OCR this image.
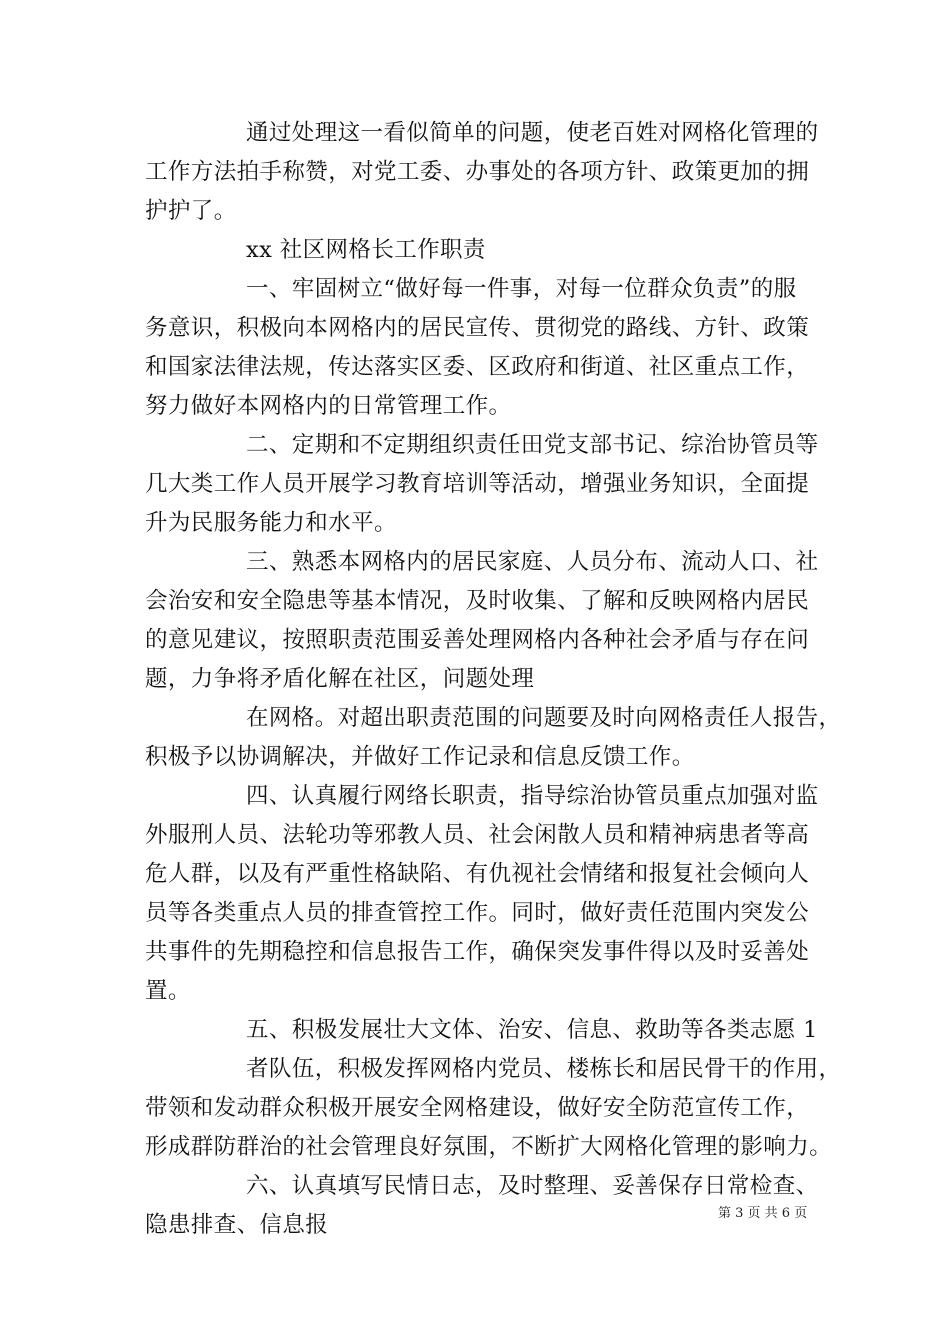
通过处理这一看似简单的问题，使老百姓对网格化管理的
工作方法拍手称赞，对党工委、办事处的各项方针、政策更加的拥
护护了。
xx 社区网格长工作职责
一、牢固树立“做好每一件事，对每一位群众负责”的服
务意识，积极向本网格内的居民宣传、贯彻党的路线、方针、政策
和国家法律法规，传达落实区委、区政府和街道、社区重点工作，
努力做好本网格内的日常管理工作。
二、定期和不定期组织责任田党支部书记、综治协管员等
几大类工作人员开展学习教育培训等活动，增强业务知识，全面提
升为民服务能力和水平。
三、熟悉本网格内的居民家庭、人员分布、流动人口、社
会治安和安全隐患等基本情况，及时收集、了解和反映网格内居民
的意见建议，按照职责范围妥善处理网格内各种社会矛盾与存在问
题，力争将矛盾化解在社区，问题处理
在网格。对超出职责范围的问题要及时向网格责任人报告，
积极予以协调解决，并做好工作记录和信息反馈工作。
四、认真履行网络长职责，指导综治协管员重点加强对监
外服刑人员、法轮功等邪教人员、社会闲散人员和精神病患者等高
危人群，以及有严重性格缺陷、有仇视社会情绪和报复社会倾向人
员等各类重点人员的排查管控工作。同时，做好责任范围内突发公
共事件的先期稳控和信息报告工作，确保突发事件得以及时妥善处
置。
五、积极发展壮大文体、治安、信息、救助等各类志愿 1
者队伍，积极发挥网格内党员、楼栋长和居民骨干的作用，
带领和发动群众积极开展安全网格建设，做好安全防范宣传工作，
形成群防群治的社会管理良好氛围，不断扩大网格化管理的影响力。
六、认真填写民情日志，及时整理、妥善保存日常检查、
隐患排查、信息报	第 3 页 共 6 页
